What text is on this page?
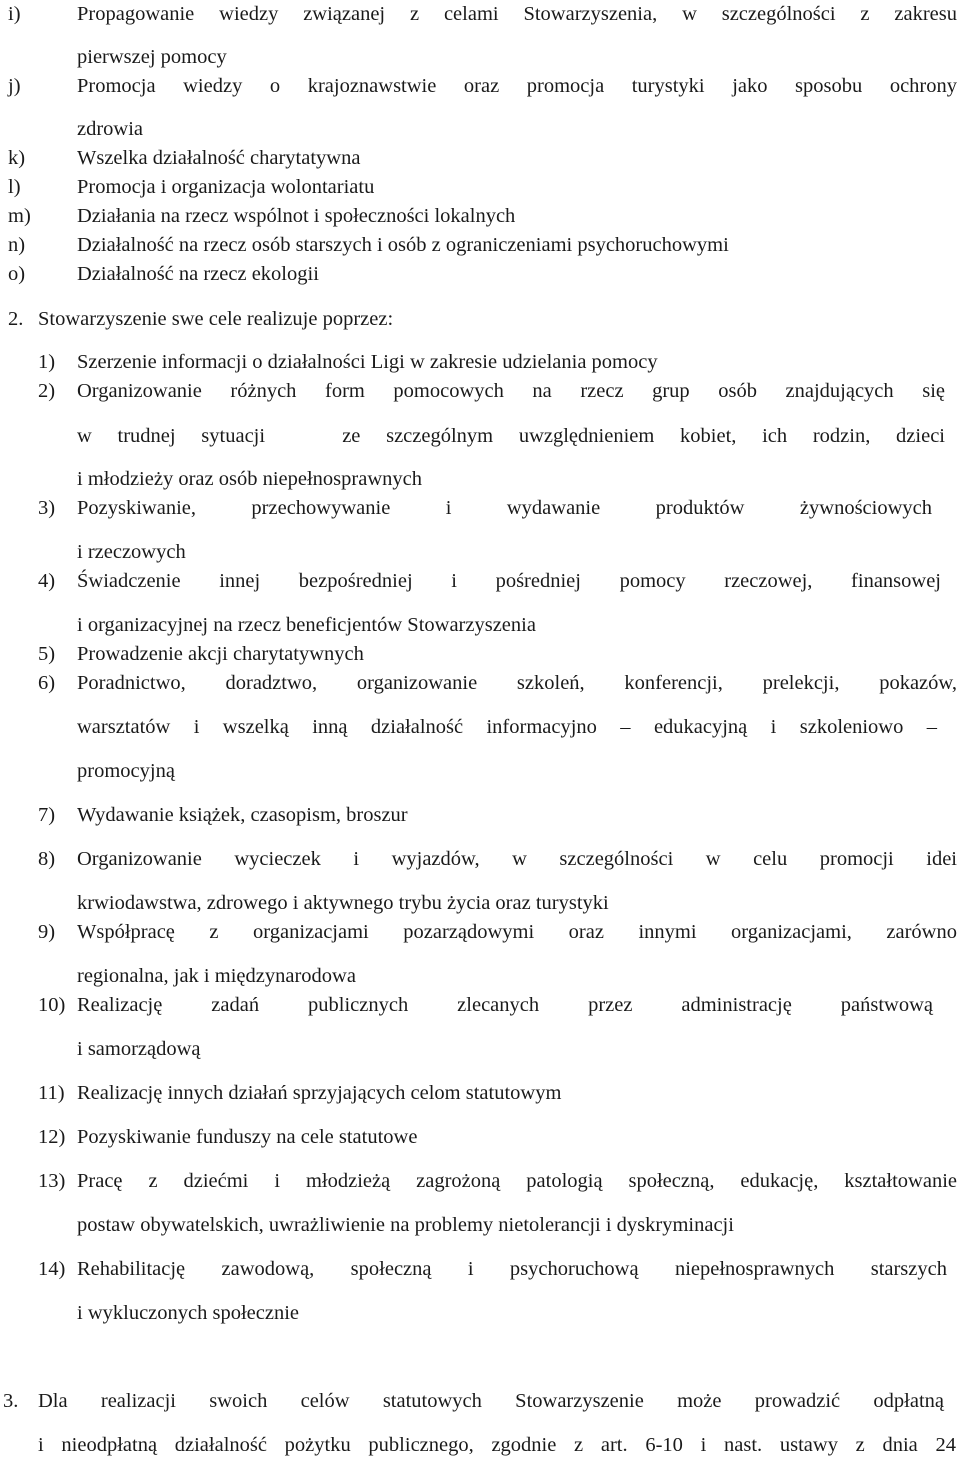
i)	Propagowanie wiedzy związanej z celami Stowarzyszenia, w szczególności z zakresu
pierwszej pomocy
j)	Promocja wiedzy o krajoznawstwie oraz promocja turystyki jako sposobu ochrony
zdrowia
k)	Wszelka działalność charytatywna
l)	Promocja i organizacja wolontariatu
m) Działania na rzecz wspólnot i społeczności lokalnych
n)	Działalność na rzecz osób starszych i osób z ograniczeniami psychoruchowymi
o)	Działalność na rzecz ekologii
2. Stowarzyszenie swe cele realizuje poprzez:
1) Szerzenie informacji o działalności Ligi w zakresie udzielania pomocy
2) Organizowanie różnych form pomocowych na rzecz grup osób znajdujących się
w trudnej sytuacji   ze szczególnym uwzględnieniem kobiet, ich rodzin, dzieci
i młodzieży oraz osób niepełnosprawnych
3) Pozyskiwanie, przechowywanie i wydawanie produktów żywnościowych
i rzeczowych
4) Świadczenie innej bezpośredniej i pośredniej pomocy rzeczowej, finansowej
i organizacyjnej na rzecz beneficjentów Stowarzyszenia
5) Prowadzenie akcji charytatywnych
6) Poradnictwo, doradztwo, organizowanie szkoleń, konferencji, prelekcji, pokazów,
warsztatów i wszelką inną działalność informacyjno – edukacyjną i szkoleniowo –
promocyjną
7) Wydawanie książek, czasopism, broszur
8) Organizowanie wycieczek i wyjazdów, w szczególności w celu promocji idei
krwiodawstwa, zdrowego i aktywnego trybu życia oraz turystyki
9) Współpracę z organizacjami pozarządowymi oraz innymi organizacjami, zarówno
regionalna, jak i międzynarodowa
10) Realizację zadań publicznych zlecanych przez administrację państwową
i samorządową
11) Realizację innych działań sprzyjających celom statutowym
12) Pozyskiwanie funduszy na cele statutowe
13) Pracę z dziećmi i młodzieżą zagrożoną patologią społeczną, edukację, kształtowanie
postaw obywatelskich, uwrażliwienie na problemy nietolerancji i dyskryminacji
14) Rehabilitację zawodową, społeczną i psychoruchową niepełnosprawnych starszych
i wykluczonych społecznie
3. Dla realizacji swoich celów statutowych Stowarzyszenie może prowadzić odpłatną
i nieodpłatną działalność pożytku publicznego, zgodnie z art. 6-10 i nast. ustawy z dnia 24
